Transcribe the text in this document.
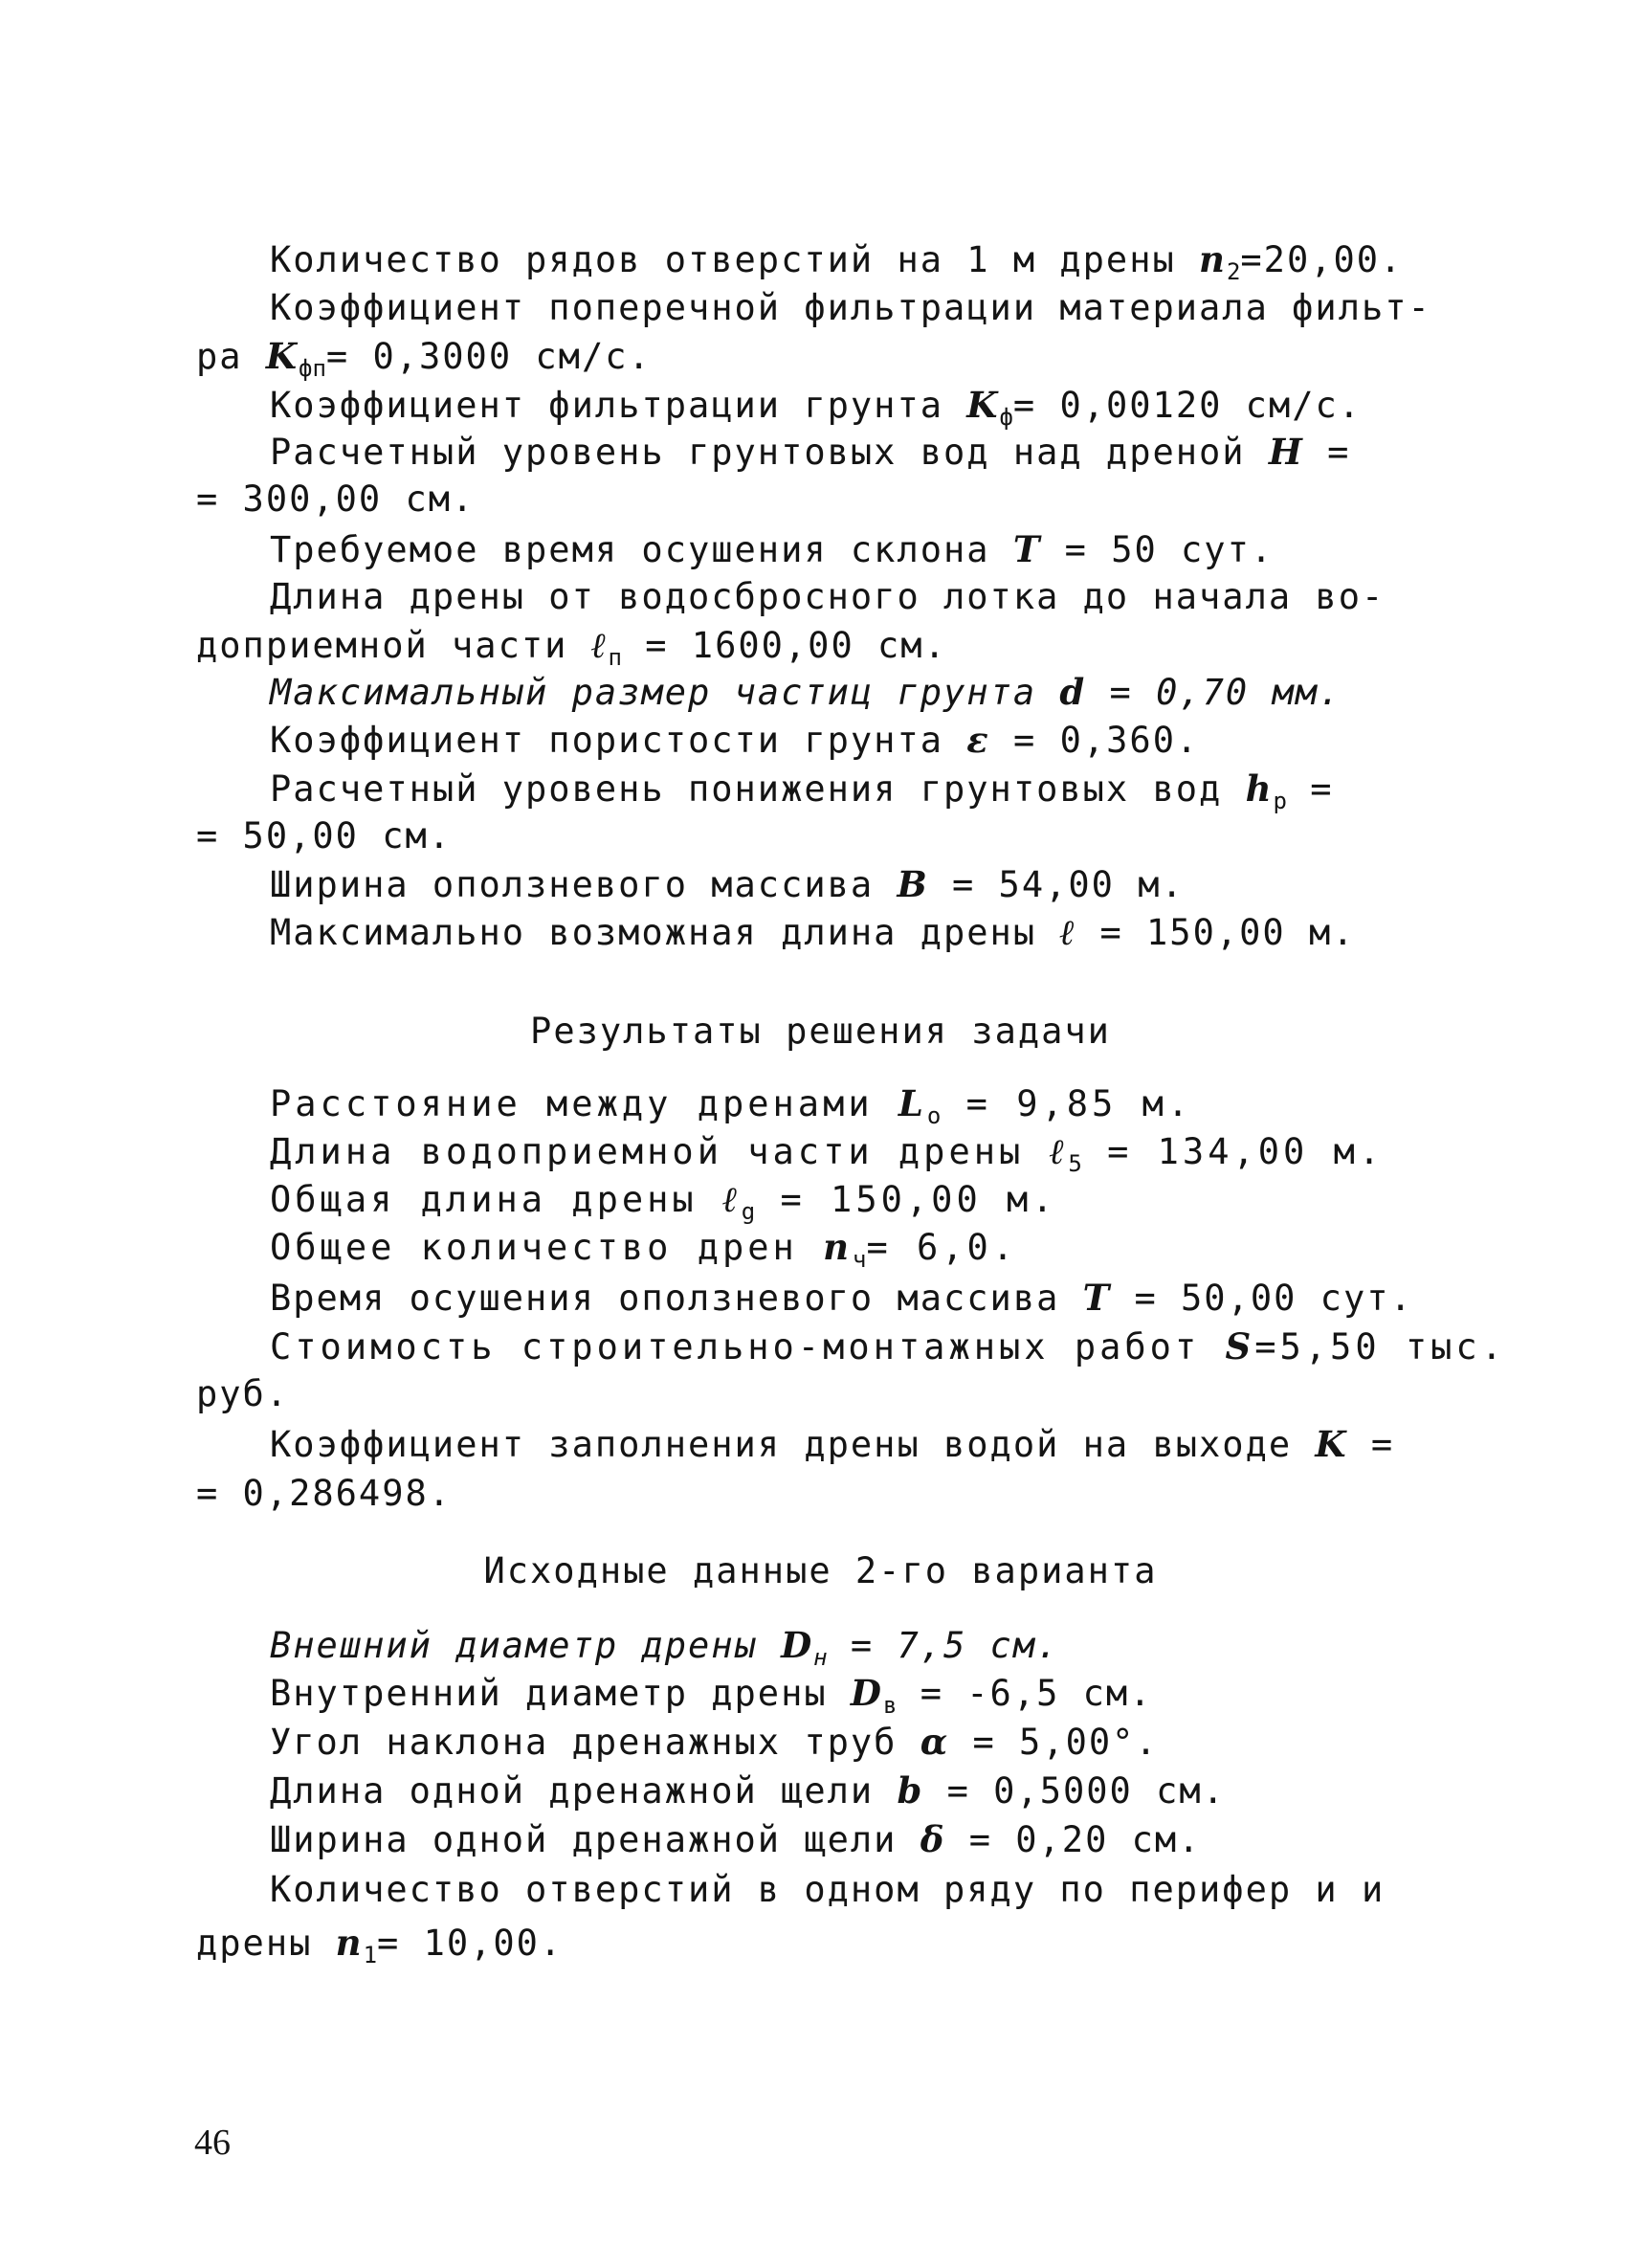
Количество рядов отверстий на 1 м дрены $n_2=20,00$.
Коэффициент поперечной фильтрации материала фильт-
ра $K_{фп}= 0,3000$ см/с.
Коэффициент фильтрации грунта $K_ф= 0,00120$ см/с.
Расчетный уровень грунтовых вод над дреной H =
= 300,00 см.
Требуемое время осушения склона T = 50 сут.
Длина дрены от водосбросного лотка до начала во-
доприемной части ℓ$_п$ = 1600,00 см.
Максимальный размер частиц грунта d = 0,70 мм.
Коэффициент пористости грунта ε = 0,360.
Расчетный уровень понижения грунтовых вод $h_р$ =
= 50,00 см.
Ширина оползневого массива B = 54,00 м.
Максимально возможная длина дрены ℓ = 150,00 м.
Результаты решения задачи
Расстояние между дренами $L_о = 9,85$ м.
Длина водоприемной части дрены ℓ$_5$ = 134,00 м.
Общая длина дрены ℓ$_g$ = 150,00 м.
Общее количество дрен $n_ч= 6,0$.
Время осушения оползневого массива T = 50,00 сут.
Стоимость строительно-монтажных работ S=5,50 тыс.
руб.
Коэффициент заполнения дрены водой на выходе K =
= 0,286498.
Исходные данные 2-го варианта
Внешний диаметр дрены $D_н = 7,5$ см.
Внутренний диаметр дрены $D_в = -6,5$ см.
Угол наклона дренажных труб α = 5,00°.
Длина одной дренажной щели b = 0,5000 см.
Ширина одной дренажной щели δ = 0,20 см.
Количество отверстий в одном ряду по перифер и и
дрены $n_1= 10,00$.
46
